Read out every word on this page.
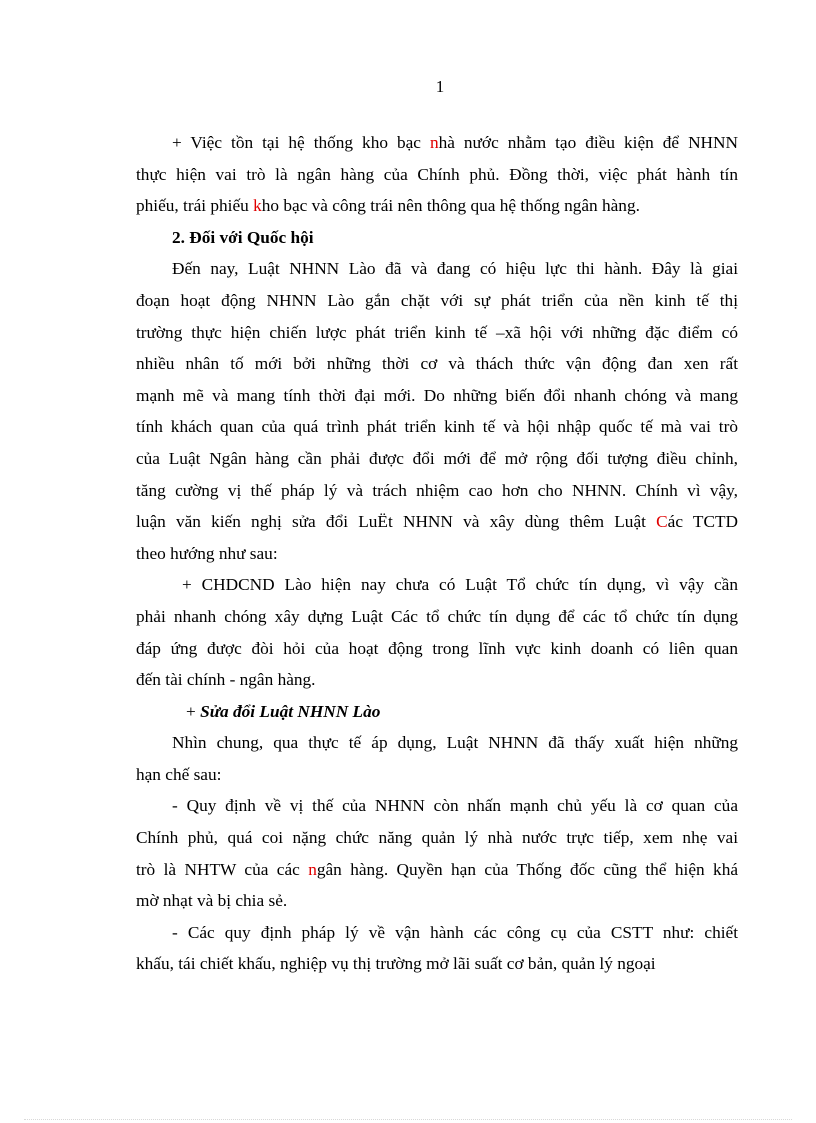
1
+ Việc tồn tại hệ thống kho bạc nhà nước nhằm tạo điều kiện để NHNN
thực hiện vai trò là ngân hàng của Chính phủ. Đồng thời, việc phát hành tín
phiếu, trái phiếu kho bạc và công trái nên thông qua hệ thống ngân hàng.
2. Đối với Quốc hội
Đến nay, Luật NHNN Lào đã và đang có hiệu lực thi hành. Đây là giai
đoạn hoạt động NHNN Lào gắn chặt với sự phát triển của nền kinh tế thị
trường thực hiện chiến lược phát triển kinh tế –xã hội với những đặc điểm có
nhiều nhân tố mới bởi những thời cơ và thách thức vận động đan xen rất
mạnh mẽ và mang tính thời đại mới. Do những biến đổi nhanh chóng và mang
tính khách quan của quá trình phát triển kinh tế và hội nhập quốc tế mà vai trò
của Luật Ngân hàng cần phải được đổi mới để mở rộng đối tượng điều chỉnh,
tăng cường vị thế pháp lý và trách nhiệm cao hơn cho NHNN. Chính vì vậy,
luận văn kiến nghị sửa đổi LuËt NHNN và xây dùng thêm Luật Các TCTD
theo hướng như sau:
+ CHDCND Lào hiện nay chưa có Luật Tổ chức tín dụng, vì vậy cần
phải nhanh chóng xây dựng Luật Các tổ chức tín dụng để các tổ chức tín dụng
đáp ứng được đòi hỏi của hoạt động trong lĩnh vực kinh doanh có liên quan
đến tài chính - ngân hàng.
+ Sửa đổi Luật NHNN Lào
Nhìn chung, qua thực tế áp dụng, Luật NHNN đã thấy xuất hiện những
hạn chế sau:
- Quy định về vị thế của NHNN còn nhấn mạnh chủ yếu là cơ quan của
Chính phủ, quá coi nặng chức năng quản lý nhà nước trực tiếp, xem nhẹ vai
trò là NHTW của các ngân hàng. Quyền hạn của Thống đốc cũng thể hiện khá
mờ nhạt và bị chia sẻ.
- Các quy định pháp lý về vận hành các công cụ của CSTT như: chiết
khấu, tái chiết khấu, nghiệp vụ thị trường mở lãi suất cơ bản, quản lý ngoại
